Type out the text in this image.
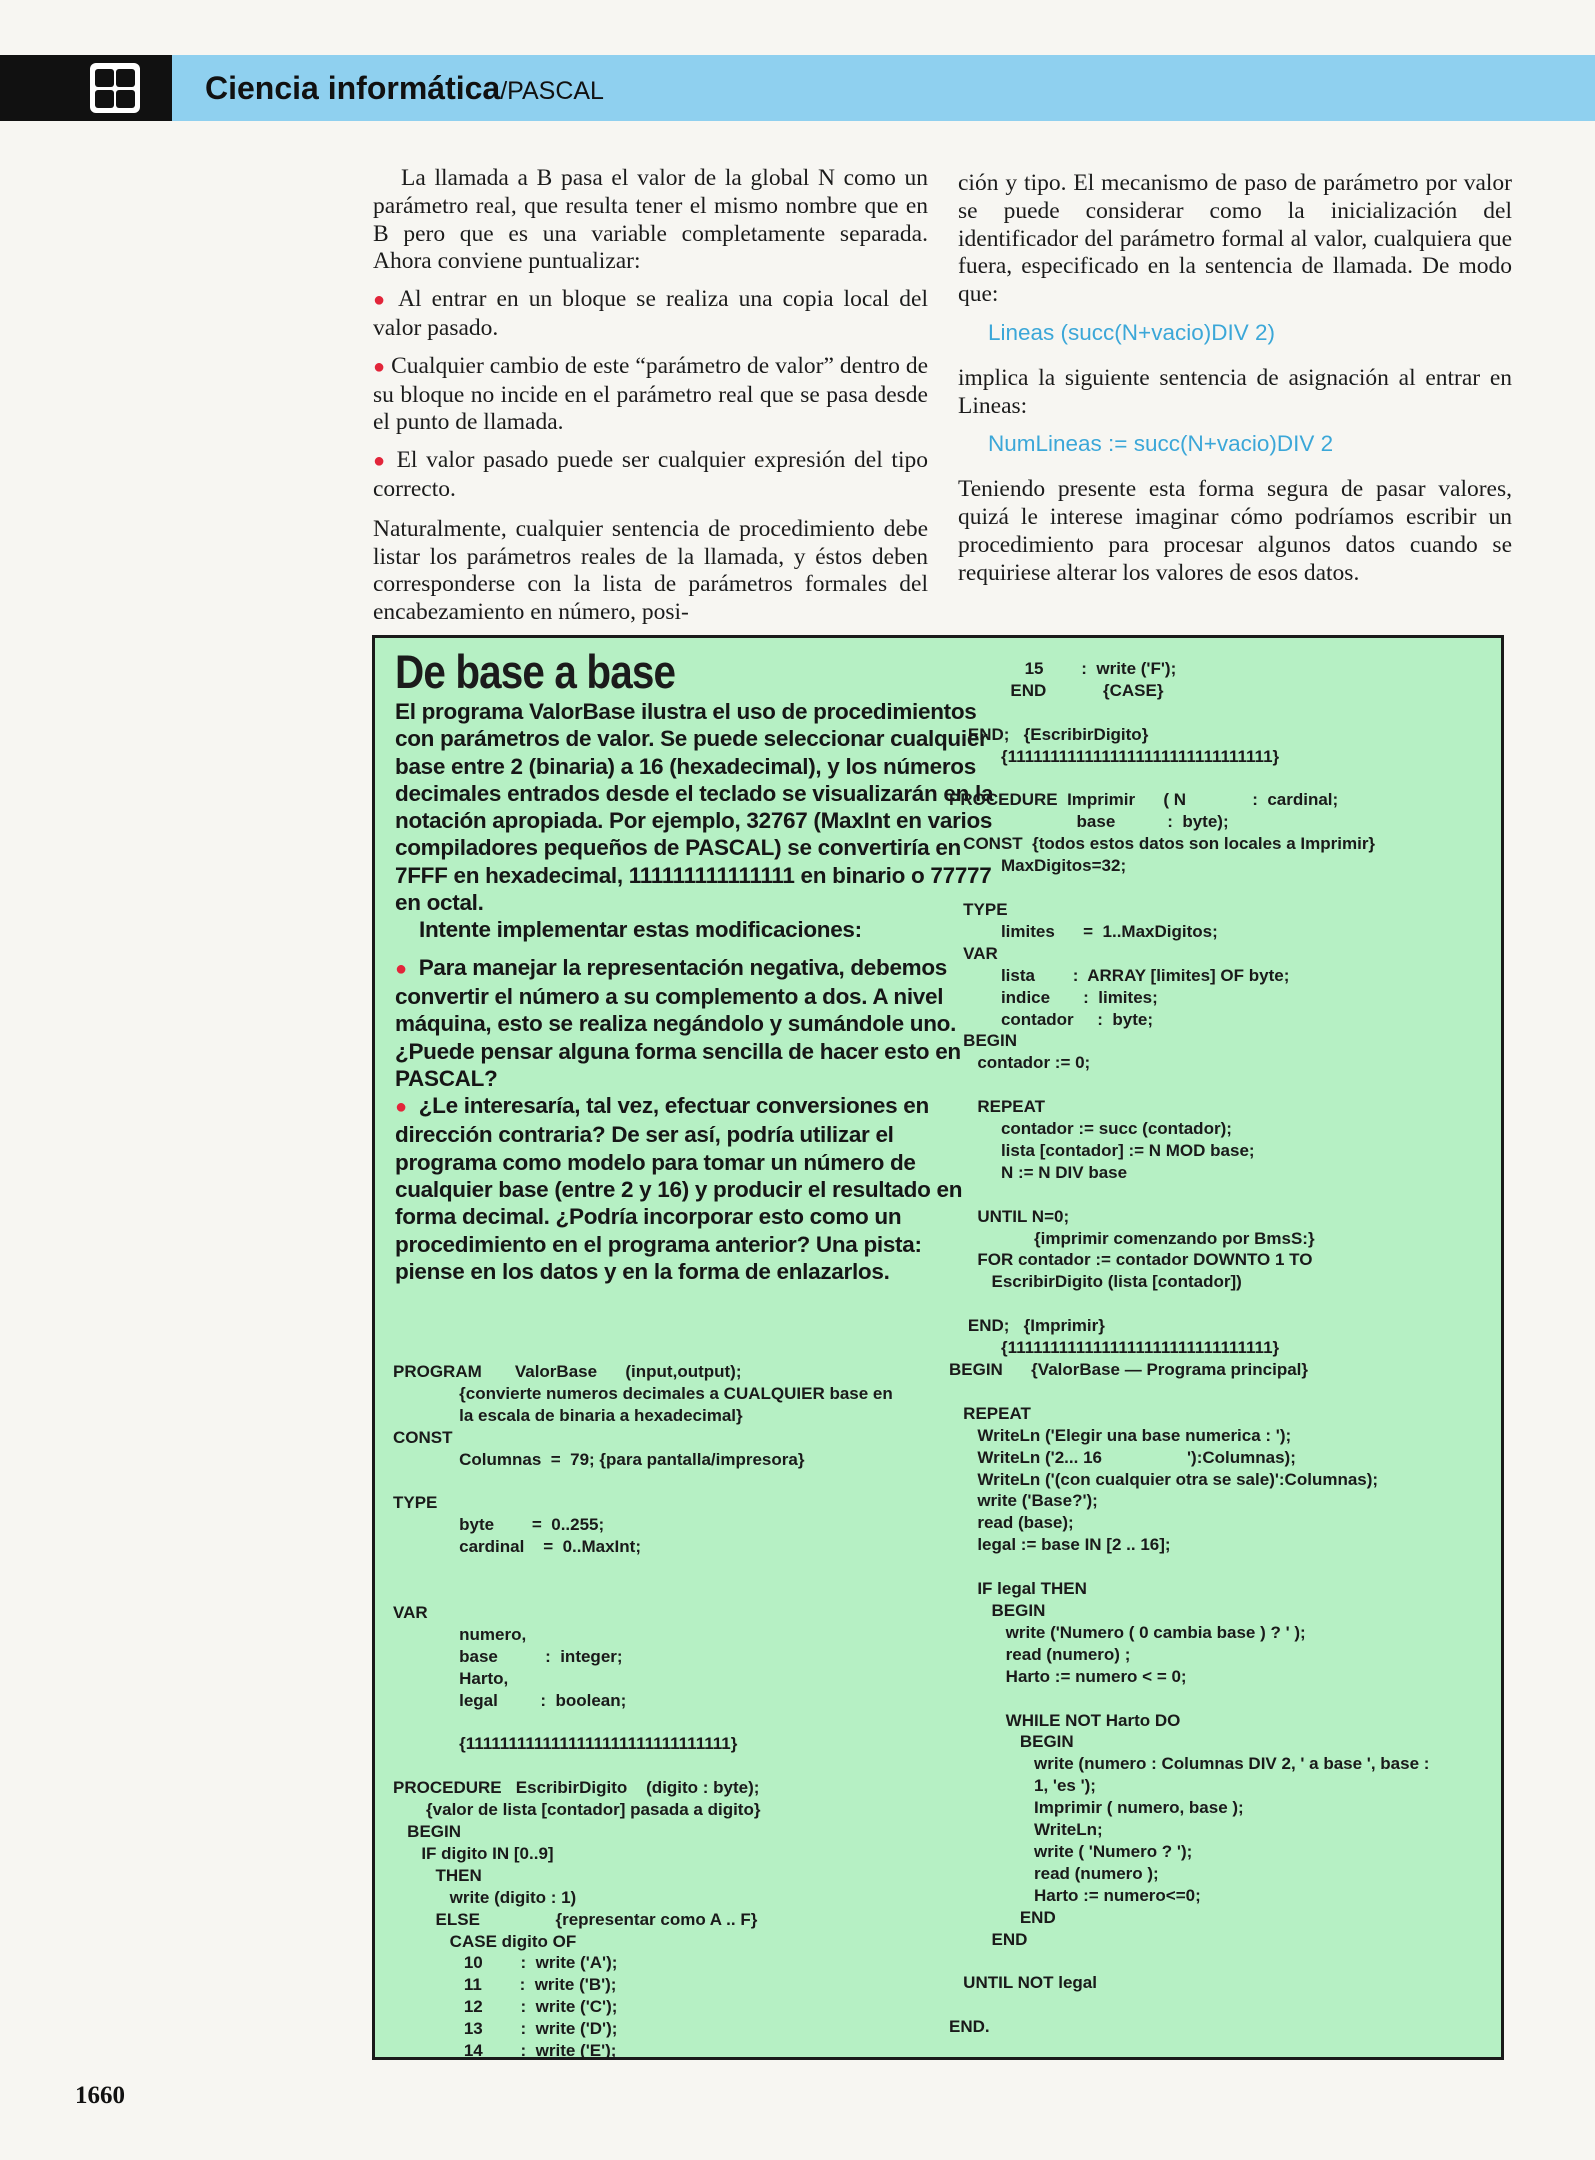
Ciencia informática/PASCAL

La llamada a B pasa el valor de la global N como un parámetro real, que resulta tener el mismo nombre que en B pero que es una variable completamente separada. Ahora conviene puntualizar:

● Al entrar en un bloque se realiza una copia local del valor pasado.

● Cualquier cambio de este “parámetro de valor” dentro de su bloque no incide en el parámetro real que se pasa desde el punto de llamada.

● El valor pasado puede ser cualquier expresión del tipo correcto.

Naturalmente, cualquier sentencia de procedimiento debe listar los parámetros reales de la llamada, y éstos deben corresponderse con la lista de parámetros formales del encabezamiento en número, posi-

ción y tipo. El mecanismo de paso de parámetro por valor se puede considerar como la inicialización del identificador del parámetro formal al valor, cualquiera que fuera, especificado en la sentencia de llamada. De modo que:

Lineas (succ(N+vacio)DIV 2)

implica la siguiente sentencia de asignación al entrar en Lineas:

NumLineas := succ(N+vacio)DIV 2

Teniendo presente esta forma segura de pasar valores, quizá le interese imaginar cómo podríamos escribir un procedimiento para procesar algunos datos cuando se requiriese alterar los valores de esos datos.

De base a base

El programa ValorBase ilustra el uso de procedimientos con parámetros de valor. Se puede seleccionar cualquier base entre 2 (binaria) a 16 (hexadecimal), y los números decimales entrados desde el teclado se visualizarán en la notación apropiada. Por ejemplo, 32767 (MaxInt en varios compiladores pequeños de PASCAL) se convertiría en 7FFF en hexadecimal, 111111111111111 en binario o 77777 en octal.

Intente implementar estas modificaciones:

● Para manejar la representación negativa, debemos convertir el número a su complemento a dos. A nivel máquina, esto se realiza negándolo y sumándole uno. ¿Puede pensar alguna forma sencilla de hacer esto en PASCAL?

● ¿Le interesaría, tal vez, efectuar conversiones en dirección contraria? De ser así, podría utilizar el programa como modelo para tomar un número de cualquier base (entre 2 y 16) y producir el resultado en forma decimal. ¿Podría incorporar esto como un procedimiento en el programa anterior? Una pista: piense en los datos y en la forma de enlazarlos.

PROGRAM       ValorBase      (input,output);
{convierte numeros decimales a CUALQUIER base en
la escala de binaria a hexadecimal}
CONST
Columnas  =  79; {para pantalla/impresora}

TYPE
byte        =  0..255;
cardinal    =  0..MaxInt;

VAR
numero,
base          :  integer;
Harto,
legal         :  boolean;

{1111111111111111111111111111111}

PROCEDURE   EscribirDigito    (digito : byte);
{valor de lista [contador] pasada a digito}
BEGIN
IF digito IN [0..9]
THEN
write (digito : 1)
ELSE                {representar como A .. F}
CASE digito OF
10        :  write ('A');
11        :  write ('B');
12        :  write ('C');
13        :  write ('D');
14        :  write ('E');
15        :  write ('F');
END            {CASE}

END;   {EscribirDigito}
{1111111111111111111111111111111}

PROCEDURE  Imprimir      ( N              :  cardinal;
base           :  byte);
CONST  {todos estos datos son locales a Imprimir}
MaxDigitos=32;

TYPE
limites      =  1..MaxDigitos;
VAR
lista        :  ARRAY [limites] OF byte;
indice       :  limites;
contador     :  byte;
BEGIN
contador := 0;

REPEAT
contador := succ (contador);
lista [contador] := N MOD base;
N := N DIV base

UNTIL N=0;
{imprimir comenzando por BmsS:}
FOR contador := contador DOWNTO 1 TO
EscribirDigito (lista [contador])

END;   {Imprimir}
{1111111111111111111111111111111}
BEGIN      {ValorBase — Programa principal}

REPEAT
WriteLn ('Elegir una base numerica : ');
WriteLn ('2... 16                  '):Columnas);
WriteLn ('(con cualquier otra se sale)':Columnas);
write ('Base?');
read (base);
legal := base IN [2 .. 16];

IF legal THEN
BEGIN
write ('Numero ( 0 cambia base ) ? ' );
read (numero) ;
Harto := numero < = 0;

WHILE NOT Harto DO
BEGIN
write (numero : Columnas DIV 2, ' a base ', base :
1, 'es ');
Imprimir ( numero, base );
WriteLn;
write ( 'Numero ? ');
read (numero );
Harto := numero<=0;
END
END

UNTIL NOT legal

END.
1660
